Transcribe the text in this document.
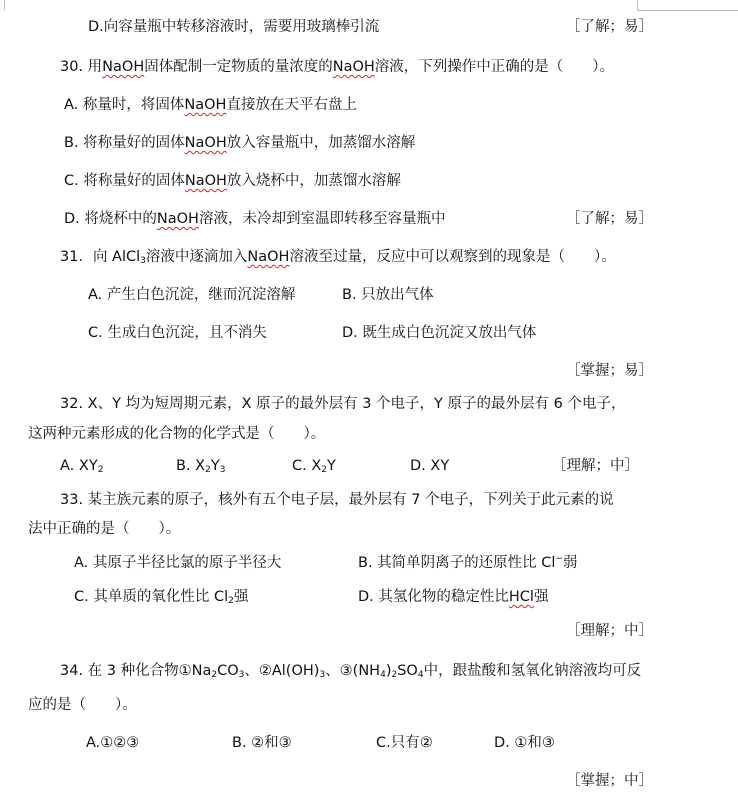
D.向容量瓶中转移溶液时，需要用玻璃棒引流	［了解；易］
30. 用NaOH固体配制一定物质的量浓度的NaOH溶液，下列操作中正确的是（　　）。
A. 称量时，将固体NaOH直接放在天平右盘上
B. 将称量好的固体NaOH放入容量瓶中，加蒸馏水溶解
C. 将称量好的固体NaOH放入烧杯中，加蒸馏水溶解
D. 将烧杯中的NaOH溶液，未冷却到室温即转移至容量瓶中	［了解；易］
31．向 AlCl$_3$溶液中逐滴加入NaOH溶液至过量，反应中可以观察到的现象是（　　）。
A. 产生白色沉淀，继而沉淀溶解	B. 只放出气体
C. 生成白色沉淀，且不消失	D. 既生成白色沉淀又放出气体
［掌握；易］
32. X、Y 均为短周期元素，X 原子的最外层有 3 个电子，Y 原子的最外层有 6 个电子，
这两种元素形成的化合物的化学式是（　　）。
A. $XY_2$	B. $X_2Y_3$	C. $X_2Y$	D. XY	［理解；中］
33. 某主族元素的原子，核外有五个电子层，最外层有 7 个电子，下列关于此元素的说
法中正确的是（　　）。
A. 其原子半径比氯的原子半径大	B. 其简单阴离子的还原性比 Cl−弱
C. 其单质的氧化性比 $Cl_2$强	D. 其氢化物的稳定性比HCl强
［理解；中］
34. 在 3 种化合物$①Na_2CO_3$、$②Al(OH)_3$、$③(NH_4)_2SO_4$中，跟盐酸和氢氧化钠溶液均可反
应的是（　　）。
A.①②③	B. ②和③	C.只有②	D. ①和③
［掌握；中］
